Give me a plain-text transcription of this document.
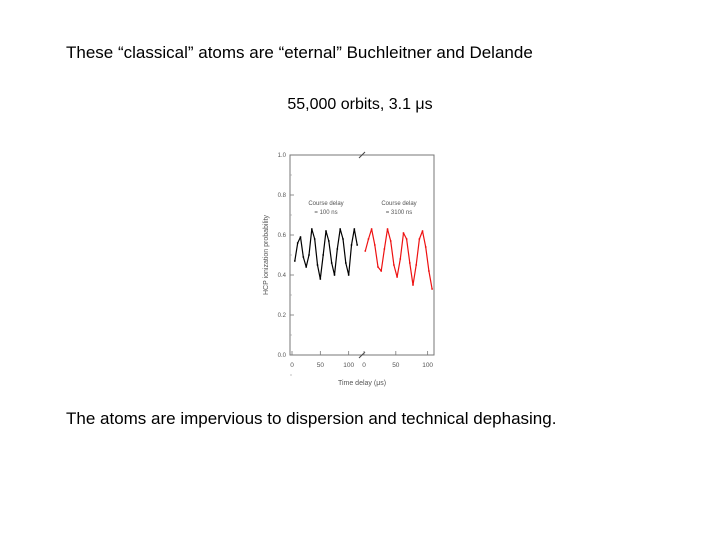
These “classical” atoms are “eternal” Buchleitner and Delande
55,000 orbits, 3.1 μs
0.0
0.2
0.4
0.6
0.8
1.0
0	50	100 0	50	100
Course delay
= 100 ns
Course delay
= 3100 ns
HCP ionization probability
Time delay (μs)
The atoms are impervious to dispersion and technical dephasing.
